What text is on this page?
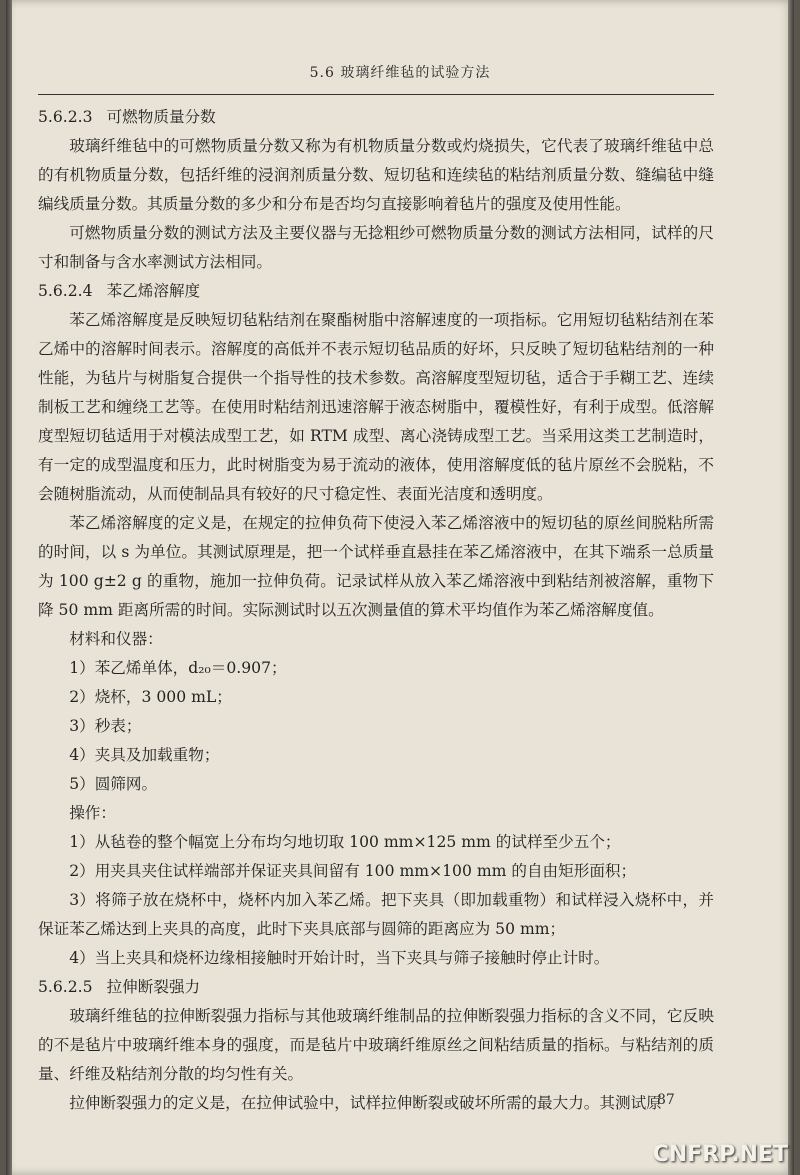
5.6 玻璃纤维毡的试验方法

5.6.2.3 可燃物质量分数

玻璃纤维毡中的可燃物质量分数又称为有机物质量分数或灼烧损失，它代表了玻璃纤维毡中总的有机物质量分数，包括纤维的浸润剂质量分数、短切毡和连续毡的粘结剂质量分数、缝编毡中缝编线质量分数。其质量分数的多少和分布是否均匀直接影响着毡片的强度及使用性能。

可燃物质量分数的测试方法及主要仪器与无捻粗纱可燃物质量分数的测试方法相同，试样的尺寸和制备与含水率测试方法相同。

5.6.2.4 苯乙烯溶解度

苯乙烯溶解度是反映短切毡粘结剂在聚酯树脂中溶解速度的一项指标。它用短切毡粘结剂在苯乙烯中的溶解时间表示。溶解度的高低并不表示短切毡品质的好坏，只反映了短切毡粘结剂的一种性能，为毡片与树脂复合提供一个指导性的技术参数。高溶解度型短切毡，适合于手糊工艺、连续制板工艺和缠绕工艺等。在使用时粘结剂迅速溶解于液态树脂中，覆模性好，有利于成型。低溶解度型短切毡适用于对模法成型工艺，如 RTM 成型、离心浇铸成型工艺。当采用这类工艺制造时，有一定的成型温度和压力，此时树脂变为易于流动的液体，使用溶解度低的毡片原丝不会脱粘，不会随树脂流动，从而使制品具有较好的尺寸稳定性、表面光洁度和透明度。

苯乙烯溶解度的定义是，在规定的拉伸负荷下使浸入苯乙烯溶液中的短切毡的原丝间脱粘所需的时间，以 s 为单位。其测试原理是，把一个试样垂直悬挂在苯乙烯溶液中，在其下端系一总质量为 100 g±2 g 的重物，施加一拉伸负荷。记录试样从放入苯乙烯溶液中到粘结剂被溶解，重物下降 50 mm 距离所需的时间。实际测试时以五次测量值的算术平均值作为苯乙烯溶解度值。

材料和仪器：

1）苯乙烯单体，d₂₀＝0.907；

2）烧杯，3 000 mL；

3）秒表；

4）夹具及加载重物；

5）圆筛网。

操作：

1）从毡卷的整个幅宽上分布均匀地切取 100 mm×125 mm 的试样至少五个；

2）用夹具夹住试样端部并保证夹具间留有 100 mm×100 mm 的自由矩形面积；

3）将筛子放在烧杯中，烧杯内加入苯乙烯。把下夹具（即加载重物）和试样浸入烧杯中，并保证苯乙烯达到上夹具的高度，此时下夹具底部与圆筛的距离应为 50 mm；

4）当上夹具和烧杯边缘相接触时开始计时，当下夹具与筛子接触时停止计时。

5.6.2.5 拉伸断裂强力

玻璃纤维毡的拉伸断裂强力指标与其他玻璃纤维制品的拉伸断裂强力指标的含义不同，它反映的不是毡片中玻璃纤维本身的强度，而是毡片中玻璃纤维原丝之间粘结质量的指标。与粘结剂的质量、纤维及粘结剂分散的均匀性有关。

拉伸断裂强力的定义是，在拉伸试验中，试样拉伸断裂或破坏所需的最大力。其测试原

87
CNFRP.NET
